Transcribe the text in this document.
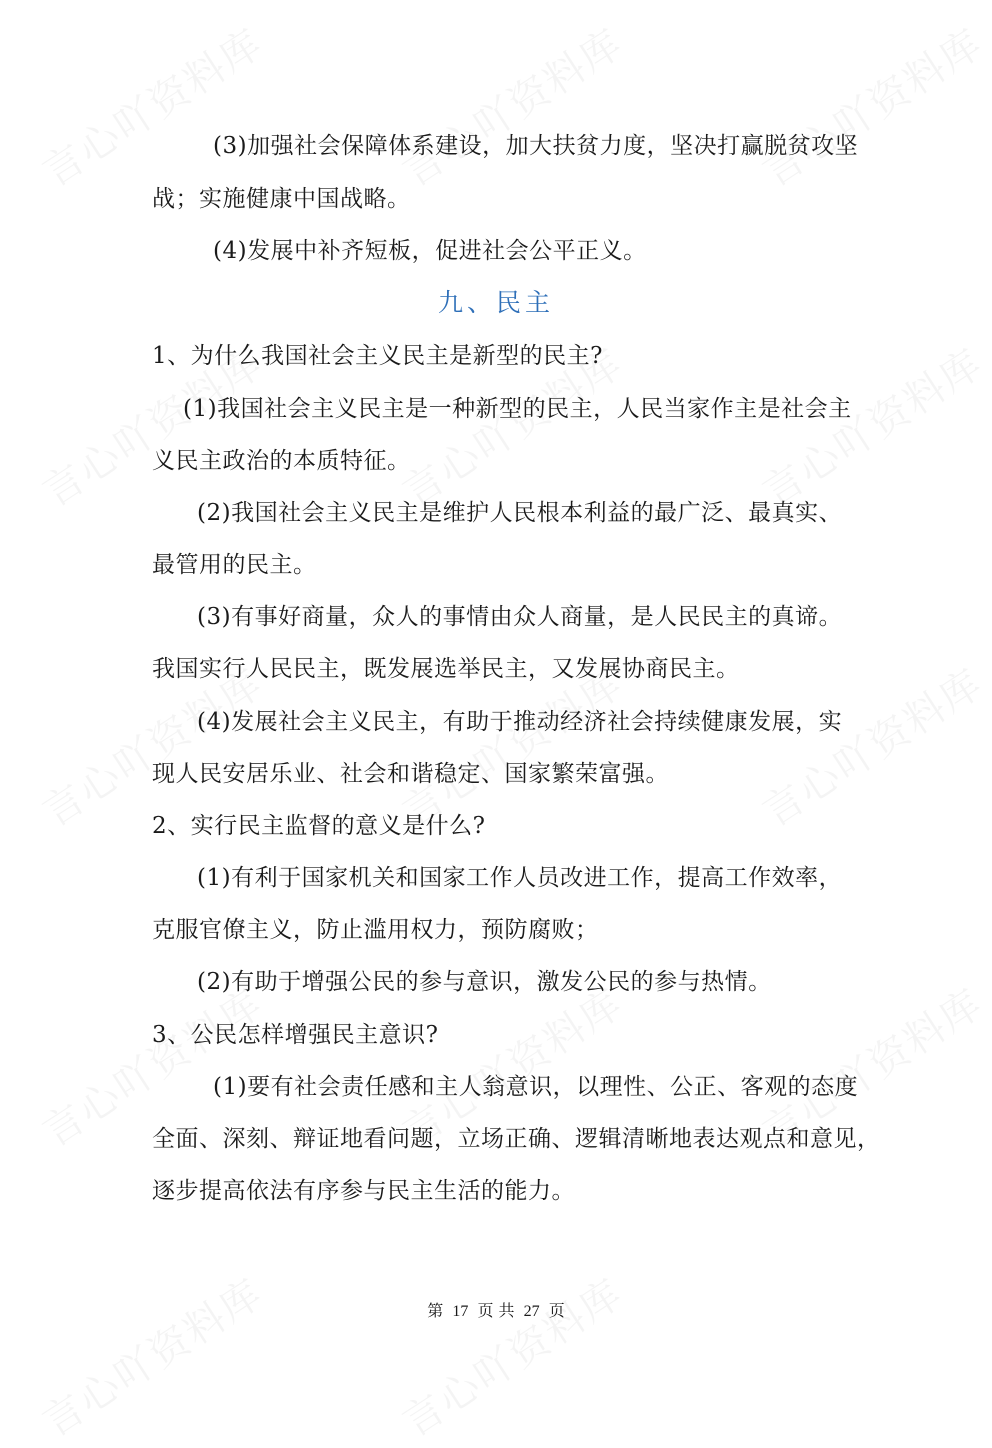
(3)加强社会保障体系建设，加大扶贫力度，坚决打赢脱贫攻坚
战；实施健康中国战略。
(4)发展中补齐短板，促进社会公平正义。
九、民主
1、为什么我国社会主义民主是新型的民主?
(1)我国社会主义民主是一种新型的民主，人民当家作主是社会主
义民主政治的本质特征。
(2)我国社会主义民主是维护人民根本利益的最广泛、最真实、
最管用的民主。
(3)有事好商量，众人的事情由众人商量，是人民民主的真谛。
我国实行人民民主，既发展选举民主，又发展协商民主。
(4)发展社会主义民主，有助于推动经济社会持续健康发展，实
现人民安居乐业、社会和谐稳定、国家繁荣富强。
2、实行民主监督的意义是什么?
(1)有利于国家机关和国家工作人员改进工作，提高工作效率，
克服官僚主义，防止滥用权力，预防腐败；
(2)有助于增强公民的参与意识，激发公民的参与热情。
3、公民怎样增强民主意识?
(1)要有社会责任感和主人翁意识，以理性、公正、客观的态度
全面、深刻、辩证地看问题，立场正确、逻辑清晰地表达观点和意见，
逐步提高依法有序参与民主生活的能力。
第 17 页 共 27 页
